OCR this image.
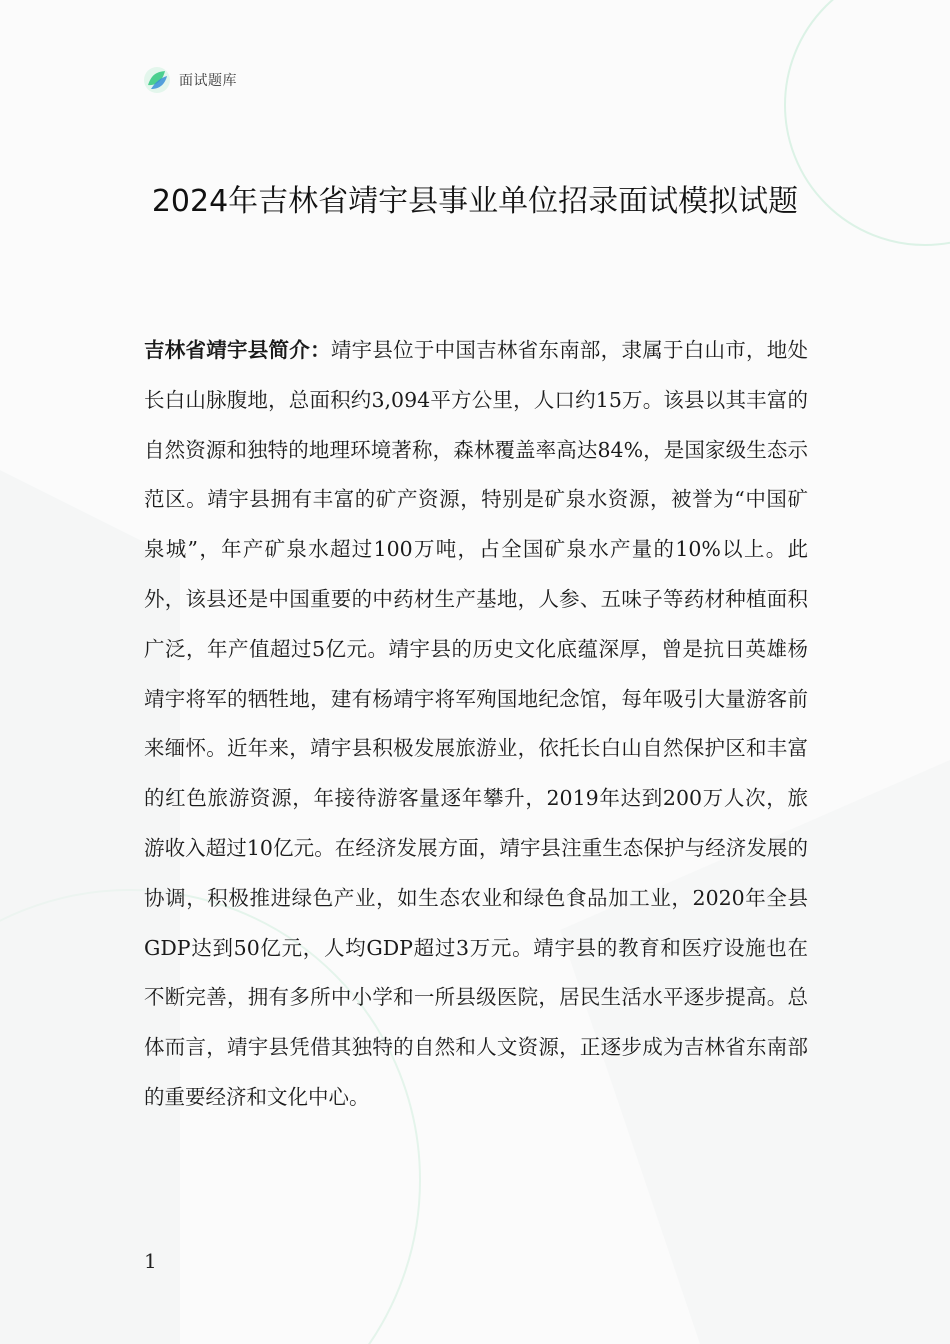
面试题库
2024年吉林省靖宇县事业单位招录面试模拟试题
吉林省靖宇县简介：靖宇县位于中国吉林省东南部，隶属于白山市，地处长白山脉腹地，总面积约3,094平方公里，人口约15万。该县以其丰富的自然资源和独特的地理环境著称，森林覆盖率高达84%，是国家级生态示范区。靖宇县拥有丰富的矿产资源，特别是矿泉水资源，被誉为“中国矿泉城”，年产矿泉水超过100万吨，占全国矿泉水产量的10%以上。此外，该县还是中国重要的中药材生产基地，人参、五味子等药材种植面积广泛，年产值超过5亿元。靖宇县的历史文化底蕴深厚，曾是抗日英雄杨靖宇将军的牺牲地，建有杨靖宇将军殉国地纪念馆，每年吸引大量游客前来缅怀。近年来，靖宇县积极发展旅游业，依托长白山自然保护区和丰富的红色旅游资源，年接待游客量逐年攀升，2019年达到200万人次，旅游收入超过10亿元。在经济发展方面，靖宇县注重生态保护与经济发展的协调，积极推进绿色产业，如生态农业和绿色食品加工业，2020年全县GDP达到50亿元，人均GDP超过3万元。靖宇县的教育和医疗设施也在不断完善，拥有多所中小学和一所县级医院，居民生活水平逐步提高。总体而言，靖宇县凭借其独特的自然和人文资源，正逐步成为吉林省东南部的重要经济和文化中心。
1
